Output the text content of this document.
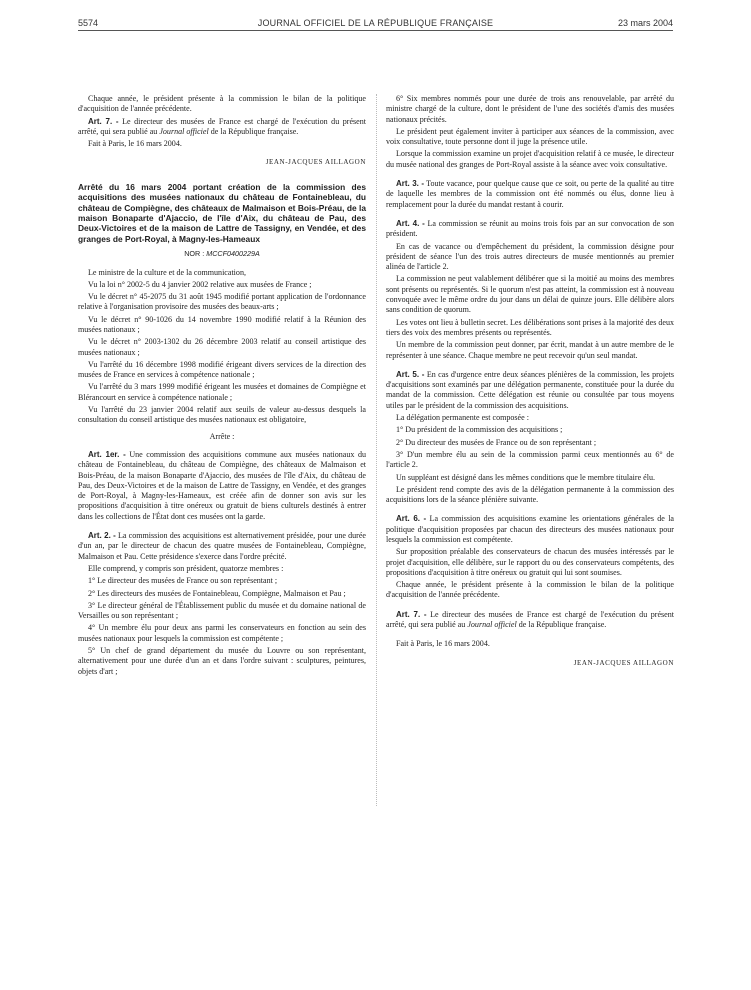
5574	JOURNAL OFFICIEL DE LA RÉPUBLIQUE FRANÇAISE	23 mars 2004

Chaque année, le président présente à la commission le bilan de la politique d'acquisition de l'année précédente.

Art. 7. - Le directeur des musées de France est chargé de l'exécution du présent arrêté, qui sera publié au Journal officiel de la République française.

Fait à Paris, le 16 mars 2004.

JEAN-JACQUES AILLAGON
Arrêté du 16 mars 2004 portant création de la commission des acquisitions des musées nationaux du château de Fontainebleau, du château de Compiègne, des châteaux de Malmaison et Bois-Préau, de la maison Bonaparte d'Ajaccio, de l'île d'Aix, du château de Pau, des Deux-Victoires et de la maison de Lattre de Tassigny, en Vendée, et des granges de Port-Royal, à Magny-les-Hameaux
NOR : MCCF0400229A

Le ministre de la culture et de la communication,

Vu la loi n° 2002-5 du 4 janvier 2002 relative aux musées de France ;

Vu le décret n° 45-2075 du 31 août 1945 modifié portant application de l'ordonnance relative à l'organisation provisoire des musées des beaux-arts ;

Vu le décret n° 90-1026 du 14 novembre 1990 modifié relatif à la Réunion des musées nationaux ;

Vu le décret n° 2003-1302 du 26 décembre 2003 relatif au conseil artistique des musées nationaux ;

Vu l'arrêté du 16 décembre 1998 modifié érigeant divers services de la direction des musées de France en services à compétence nationale ;

Vu l'arrêté du 3 mars 1999 modifié érigeant les musées et domaines de Compiègne et Blérancourt en service à compétence nationale ;

Vu l'arrêté du 23 janvier 2004 relatif aux seuils de valeur au-dessus desquels la consultation du conseil artistique des musées nationaux est obligatoire,

Arrête :

Art. 1er. - Une commission des acquisitions commune aux musées nationaux du château de Fontainebleau, du château de Compiègne, des châteaux de Malmaison et Bois-Préau, de la maison Bonaparte d'Ajaccio, des musées de l'île d'Aix, du château de Pau, des Deux-Victoires et de la maison de Lattre de Tassigny, en Vendée, et des granges de Port-Royal, à Magny-les-Hameaux, est créée afin de donner son avis sur les propositions d'acquisition à titre onéreux ou gratuit de biens culturels destinés à entrer dans les collections de l'État dont ces musées ont la garde.

Art. 2. - La commission des acquisitions est alternativement présidée, pour une durée d'un an, par le directeur de chacun des quatre musées de Fontainebleau, Compiègne, Malmaison et Pau. Cette présidence s'exerce dans l'ordre précité.

Elle comprend, y compris son président, quatorze membres :

1° Le directeur des musées de France ou son représentant ;

2° Les directeurs des musées de Fontainebleau, Compiègne, Malmaison et Pau ;

3° Le directeur général de l'Établissement public du musée et du domaine national de Versailles ou son représentant ;

4° Un membre élu pour deux ans parmi les conservateurs en fonction au sein des musées nationaux pour lesquels la commission est compétente ;

5° Un chef de grand département du musée du Louvre ou son représentant, alternativement pour une durée d'un an et dans l'ordre suivant : sculptures, peintures, objets d'art ;

6° Six membres nommés pour une durée de trois ans renouvelable, par arrêté du ministre chargé de la culture, dont le président de l'une des sociétés d'amis des musées nationaux précités.

Le président peut également inviter à participer aux séances de la commission, avec voix consultative, toute personne dont il juge la présence utile.

Lorsque la commission examine un projet d'acquisition relatif à ce musée, le directeur du musée national des granges de Port-Royal assiste à la séance avec voix consultative.

Art. 3. - Toute vacance, pour quelque cause que ce soit, ou perte de la qualité au titre de laquelle les membres de la commission ont été nommés ou élus, donne lieu à remplacement pour la durée du mandat restant à courir.

Art. 4. - La commission se réunit au moins trois fois par an sur convocation de son président.

En cas de vacance ou d'empêchement du président, la commission désigne pour président de séance l'un des trois autres directeurs de musée mentionnés au premier alinéa de l'article 2.

La commission ne peut valablement délibérer que si la moitié au moins des membres sont présents ou représentés. Si le quorum n'est pas atteint, la commission est à nouveau convoquée avec le même ordre du jour dans un délai de quinze jours. Elle délibère alors sans condition de quorum.

Les votes ont lieu à bulletin secret. Les délibérations sont prises à la majorité des deux tiers des voix des membres présents ou représentés.

Un membre de la commission peut donner, par écrit, mandat à un autre membre de le représenter à une séance. Chaque membre ne peut recevoir qu'un seul mandat.

Art. 5. - En cas d'urgence entre deux séances plénières de la commission, les projets d'acquisitions sont examinés par une délégation permanente, constituée pour la durée du mandat de la commission. Cette délégation est réunie ou consultée par tous moyens utiles par le président de la commission des acquisitions.

La délégation permanente est composée :

1° Du président de la commission des acquisitions ;

2° Du directeur des musées de France ou de son représentant ;

3° D'un membre élu au sein de la commission parmi ceux mentionnés au 6° de l'article 2.

Un suppléant est désigné dans les mêmes conditions que le membre titulaire élu.

Le président rend compte des avis de la délégation permanente à la commission des acquisitions lors de la séance plénière suivante.

Art. 6. - La commission des acquisitions examine les orientations générales de la politique d'acquisition proposées par chacun des directeurs des musées nationaux pour lesquels la commission est compétente.

Sur proposition préalable des conservateurs de chacun des musées intéressés par le projet d'acquisition, elle délibère, sur le rapport du ou des conservateurs compétents, des propositions d'acquisition à titre onéreux ou gratuit qui lui sont soumises.

Chaque année, le président présente à la commission le bilan de la politique d'acquisition de l'année précédente.

Art. 7. - Le directeur des musées de France est chargé de l'exécution du présent arrêté, qui sera publié au Journal officiel de la République française.

Fait à Paris, le 16 mars 2004.

JEAN-JACQUES AILLAGON
